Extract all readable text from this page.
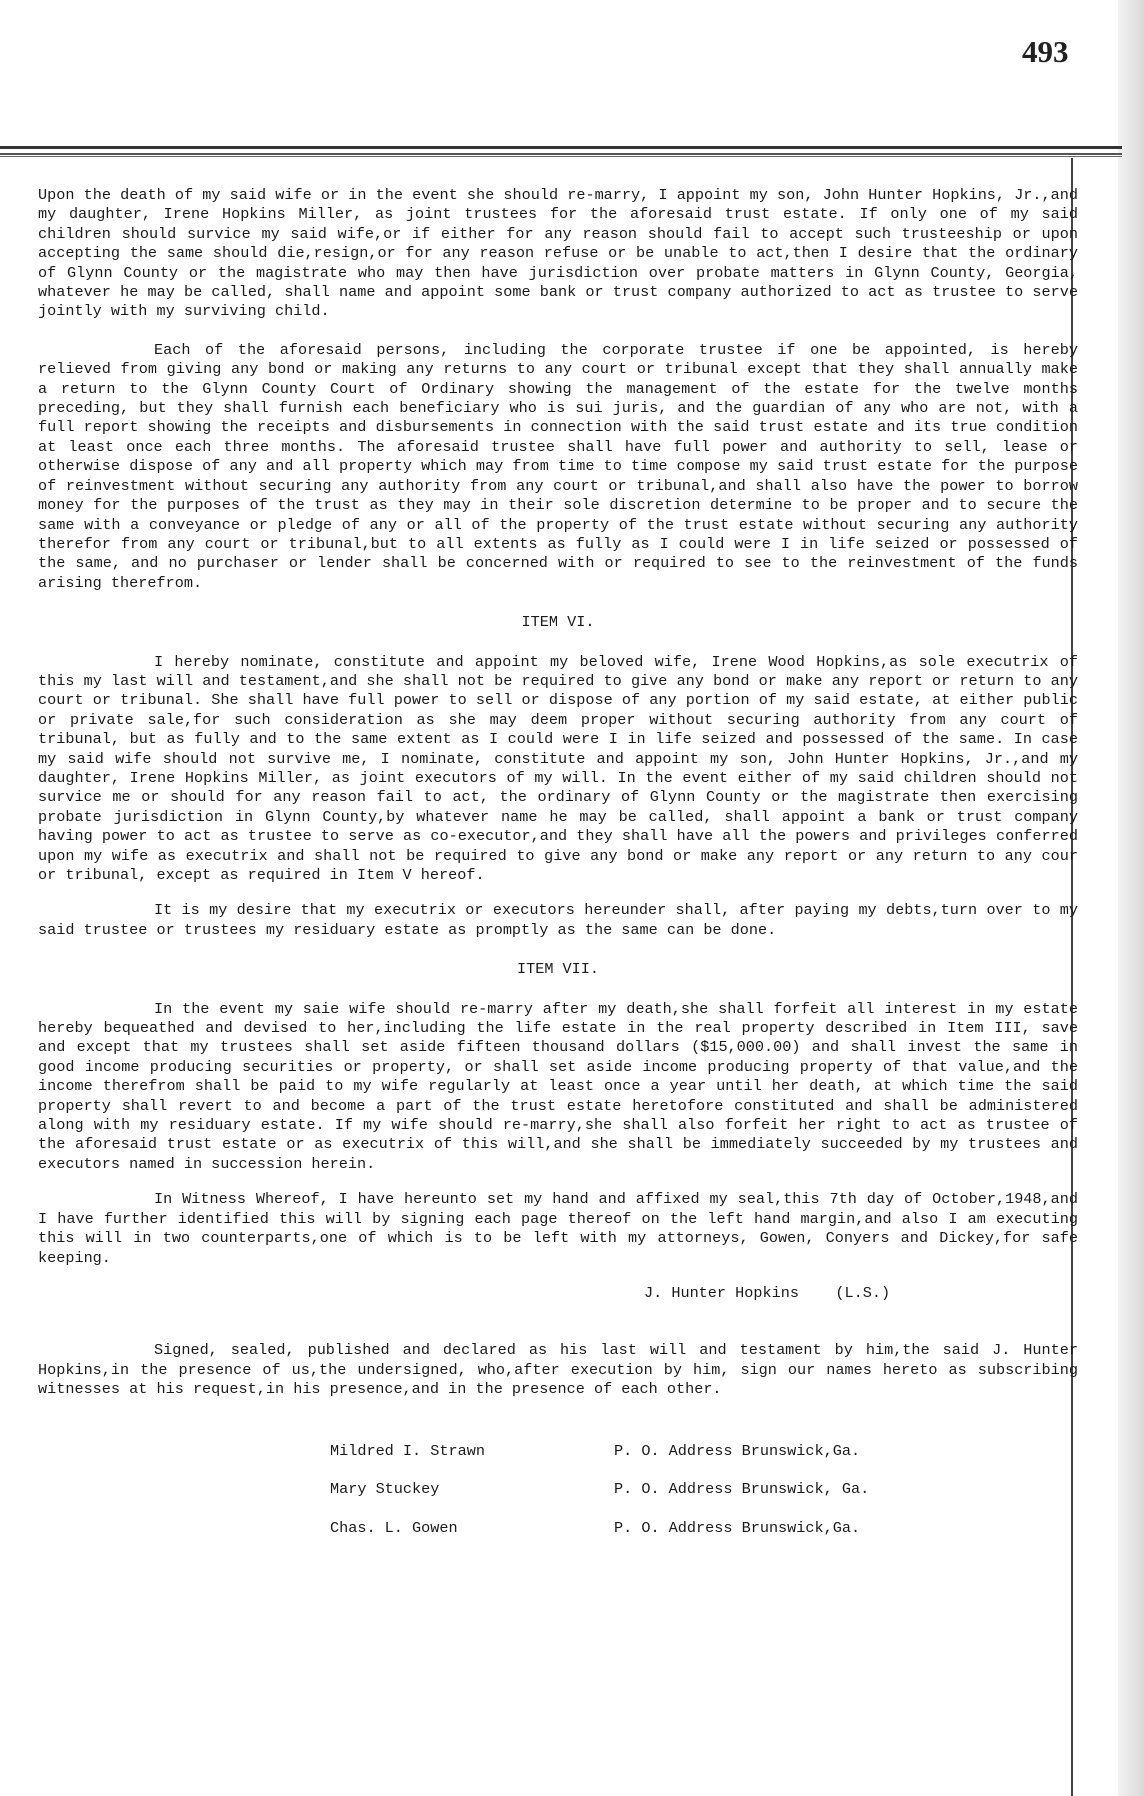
493

Upon the death of my said wife or in the event she should re-marry, I appoint my son, John Hunter Hopkins, Jr.,and my daughter, Irene Hopkins Miller, as joint trustees for the aforesaid trust estate. If only one of my said children should survice my said wife,or if either for any reason should fail to accept such trusteeship or upon accepting the same should die,resign,or for any reason refuse or be unable to act,then I desire that the ordinary of Glynn County or the magistrate who may then have jurisdiction over probate matters in Glynn County, Georgia, whatever he may be called, shall name and appoint some bank or trust company authorized to act as trustee to serve jointly with my surviving child.

Each of the aforesaid persons, including the corporate trustee if one be appointed, is hereby relieved from giving any bond or making any returns to any court or tribunal except that they shall annually make a return to the Glynn County Court of Ordinary showing the management of the estate for the twelve months preceding, but they shall furnish each beneficiary who is sui juris, and the guardian of any who are not, with a full report showing the receipts and disbursements in connection with the said trust estate and its true condition at least once each three months. The aforesaid trustee shall have full power and authority to sell, lease or otherwise dispose of any and all property which may from time to time compose my said trust estate for the purpose of reinvestment without securing any authority from any court or tribunal,and shall also have the power to borrow money for the purposes of the trust as they may in their sole discretion determine to be proper and to secure the same with a conveyance or pledge of any or all of the property of the trust estate without securing any authority therefor from any court or tribunal,but to all extents as fully as I could were I in life seized or possessed of the same, and no purchaser or lender shall be concerned with or required to see to the reinvestment of the funds arising therefrom.

ITEM VI.

I hereby nominate, constitute and appoint my beloved wife, Irene Wood Hopkins,as sole executrix of this my last will and testament,and she shall not be required to give any bond or make any report or return to any court or tribunal. She shall have full power to sell or dispose of any portion of my said estate, at either public or private sale,for such consideration as she may deem proper without securing authority from any court of tribunal, but as fully and to the same extent as I could were I in life seized and possessed of the same. In case my said wife should not survive me, I nominate, constitute and appoint my son, John Hunter Hopkins, Jr.,and my daughter, Irene Hopkins Miller, as joint executors of my will. In the event either of my said children should not survice me or should for any reason fail to act, the ordinary of Glynn County or the magistrate then exercising probate jurisdiction in Glynn County,by whatever name he may be called, shall appoint a bank or trust company having power to act as trustee to serve as co-executor,and they shall have all the powers and privileges conferred upon my wife as executrix and shall not be required to give any bond or make any report or any return to any cour or tribunal, except as required in Item V hereof.

It is my desire that my executrix or executors hereunder shall, after paying my debts,turn over to my said trustee or trustees my residuary estate as promptly as the same can be done.

ITEM VII.

In the event my saie wife should re-marry after my death,she shall forfeit all interest in my estate hereby bequeathed and devised to her,including the life estate in the real property described in Item III, save and except that my trustees shall set aside fifteen thousand dollars ($15,000.00) and shall invest the same in good income producing securities or property, or shall set aside income producing property of that value,and the income therefrom shall be paid to my wife regularly at least once a year until her death, at which time the said property shall revert to and become a part of the trust estate heretofore constituted and shall be administered along with my residuary estate. If my wife should re-marry,she shall also forfeit her right to act as trustee of the aforesaid trust estate or as executrix of this will,and she shall be immediately succeeded by my trustees and executors named in succession herein.

In Witness Whereof, I have hereunto set my hand and affixed my seal,this 7th day of October,1948,and I have further identified this will by signing each page thereof on the left hand margin,and also I am executing this will in two counterparts,one of which is to be left with my attorneys, Gowen, Conyers and Dickey,for safe keeping.

J. Hunter Hopkins    (L.S.)

Signed, sealed, published and declared as his last will and testament by him,the said J. Hunter Hopkins,in the presence of us,the undersigned, who,after execution by him, sign our names hereto as subscribing witnesses at his request,in his presence,and in the presence of each other.

Mildred I. Strawn	P. O. Address Brunswick,Ga.
Mary Stuckey	P. O. Address Brunswick, Ga.
Chas. L. Gowen	P. O. Address Brunswick,Ga.
